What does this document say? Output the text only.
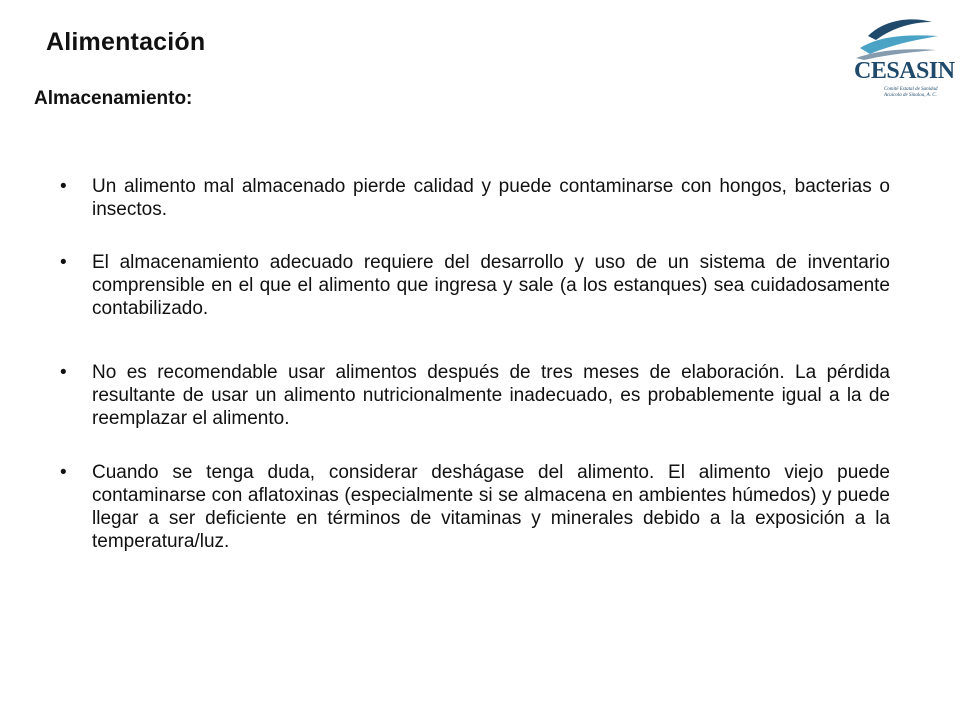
Alimentación
Almacenamiento:
CESASIN
Comité Estatal de Sanidad
Acuícola de Sinaloa, A. C.
•	Un alimento mal almacenado pierde calidad y puede contaminarse con hongos, bacterias o insectos.
•	El almacenamiento adecuado requiere del desarrollo y uso de un sistema de inventario comprensible en el que el alimento que ingresa y sale (a los estanques) sea cuidadosamente contabilizado.
•	No es recomendable usar alimentos después de tres meses de elaboración. La pérdida resultante de usar un alimento nutricionalmente inadecuado, es probablemente igual a la de reemplazar el alimento.
•	Cuando se tenga duda, considerar deshágase del alimento. El alimento viejo puede contaminarse con aflatoxinas (especialmente si se almacena en ambientes húmedos) y puede llegar a ser deficiente en términos de vitaminas y minerales debido a la exposición a la temperatura/luz.
